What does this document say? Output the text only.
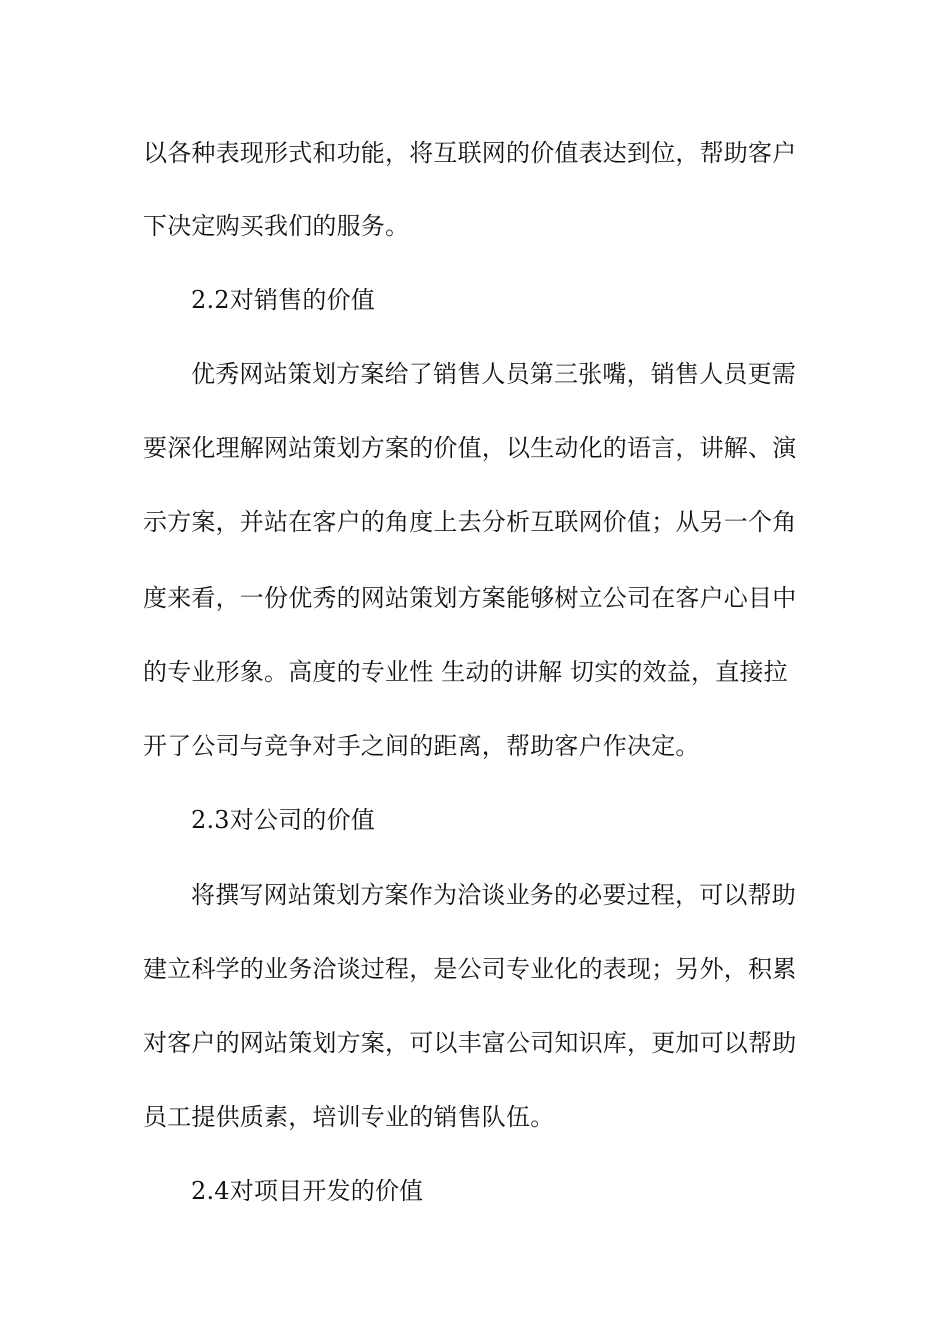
以各种表现形式和功能，将互联网的价值表达到位，帮助客户
下决定购买我们的服务。
2.2对销售的价值
优秀网站策划方案给了销售人员第三张嘴，销售人员更需
要深化理解网站策划方案的价值，以生动化的语言，讲解、演
示方案，并站在客户的角度上去分析互联网价值；从另一个角
度来看，一份优秀的网站策划方案能够树立公司在客户心目中
的专业形象。高度的专业性 生动的讲解 切实的效益，直接拉
开了公司与竞争对手之间的距离，帮助客户作决定。
2.3对公司的价值
将撰写网站策划方案作为洽谈业务的必要过程，可以帮助
建立科学的业务洽谈过程，是公司专业化的表现；另外，积累
对客户的网站策划方案，可以丰富公司知识库，更加可以帮助
员工提供质素，培训专业的销售队伍。
2.4对项目开发的价值
